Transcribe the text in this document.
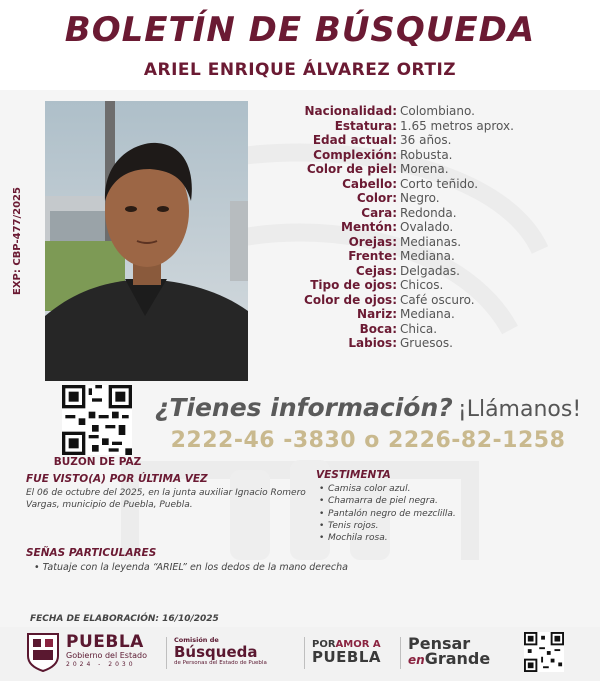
BOLETÍN DE BÚSQUEDA
ARIEL ENRIQUE ÁLVAREZ ORTIZ
EXP: CBP-477/2025
Nacionalidad: Colombiano.
Estatura: 1.65 metros aprox.
Edad actual: 36 años.
Complexión: Robusta.
Color de piel: Morena.
Cabello: Corto teñido.
Color: Negro.
Cara: Redonda.
Mentón: Ovalado.
Orejas: Medianas.
Frente: Mediana.
Cejas: Delgadas.
Tipo de ojos: Chicos.
Color de ojos: Café oscuro.
Nariz: Mediana.
Boca: Chica.
Labios: Gruesos.
BUZON DE PAZ
¿Tienes información? ¡Llámanos!
2222-46 -3830 o 2226-82-1258
FUE VISTO(A) POR ÚLTIMA VEZ
El 06 de octubre del 2025, en la junta auxiliar Ignacio Romero Vargas, municipio de Puebla, Puebla.
VESTIMENTA
• Camisa color azul.
• Chamarra de piel negra.
• Pantalón negro de mezclilla.
• Tenis rojos.
• Mochila rosa.
SEÑAS PARTICULARES
• Tatuaje con la leyenda “ARIEL” en los dedos de la mano derecha
FECHA DE ELABORACIÓN: 16/10/2025
PUEBLA
Gobierno del Estado
2024 - 2030
Comisión de
Búsqueda
de Personas del Estado de Puebla
PORAMOR A
PUEBLA
Pensar
enGrande
